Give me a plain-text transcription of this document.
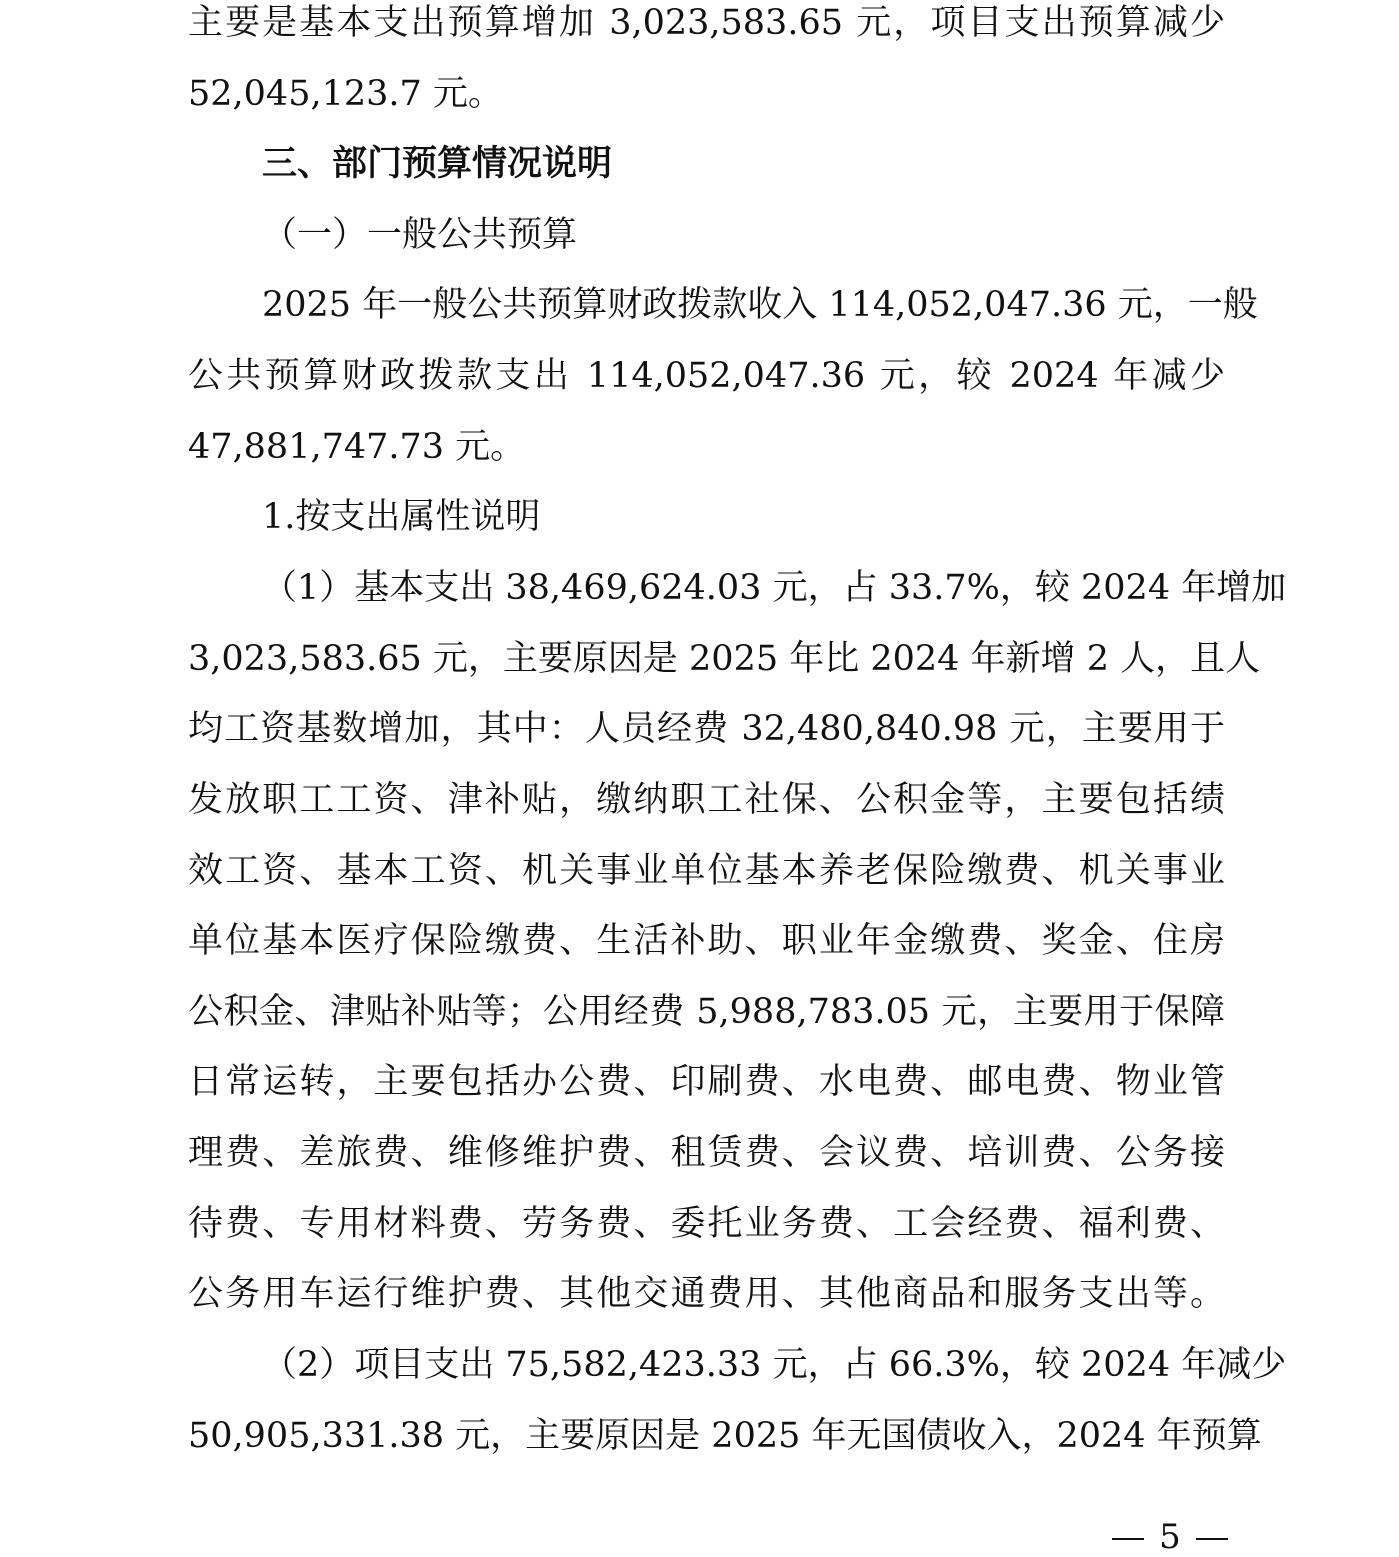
主要是基本支出预算增加 3,023,583.65 元，项目支出预算减少
52,045,123.7 元。
三、部门预算情况说明
（一）一般公共预算
2025 年一般公共预算财政拨款收入 114,052,047.36 元，一般
公共预算财政拨款支出 114,052,047.36 元，较 2024 年减少
47,881,747.73 元。
1.按支出属性说明
（1）基本支出 38,469,624.03 元，占 33.7%，较 2024 年增加
3,023,583.65 元，主要原因是 2025 年比 2024 年新增 2 人，且人
均工资基数增加，其中：人员经费 32,480,840.98 元，主要用于
发放职工工资、津补贴，缴纳职工社保、公积金等，主要包括绩
效工资、基本工资、机关事业单位基本养老保险缴费、机关事业
单位基本医疗保险缴费、生活补助、职业年金缴费、奖金、住房
公积金、津贴补贴等；公用经费 5,988,783.05 元，主要用于保障
日常运转，主要包括办公费、印刷费、水电费、邮电费、物业管
理费、差旅费、维修维护费、租赁费、会议费、培训费、公务接
待费、专用材料费、劳务费、委托业务费、工会经费、福利费、
公务用车运行维护费、其他交通费用、其他商品和服务支出等。
（2）项目支出 75,582,423.33 元，占 66.3%，较 2024 年减少
50,905,331.38 元，主要原因是 2025 年无国债收入，2024 年预算
5
